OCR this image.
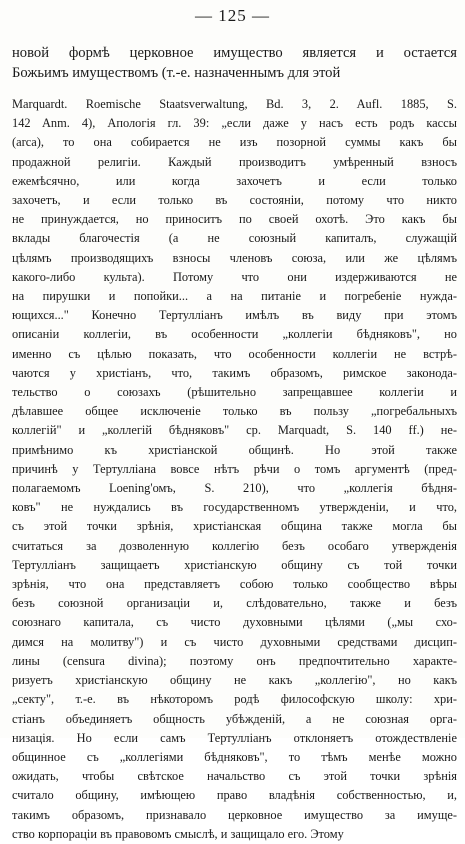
— 125 —
новой формѣ церковное имущество является и остается
Божьимъ имуществомъ (т.-е. назначеннымъ для этой
Marquardt. Roemische Staatsverwaltung, Bd. 3, 2. Aufl. 1885, S.
142 Anm. 4), Апологія гл. 39: „если даже у насъ есть родъ кассы
(arca), то она собирается не изъ позорной суммы какъ бы
продажной религіи. Каждый производитъ умѣренный взносъ
ежемѣсячно, или когда захочетъ и если только
захочетъ, и если только въ состояніи, потому что никто
не принуждается, но приноситъ по своей охотѣ. Это какъ бы
вклады благочестія (а не союзный капиталъ, служащій
цѣлямъ производящихъ взносы членовъ союза, или же цѣлямъ
какого-либо культа). Потому что они издерживаются не
на пирушки и попойки... а на питаніе и погребеніе нужда-
ющихся..." Конечно Тертулліанъ имѣлъ въ виду при этомъ
описаніи коллегіи, въ особенности „коллегіи бѣдняковъ", но
именно съ цѣлью показать, что особенности коллегіи не встрѣ-
чаются у христіанъ, что, такимъ образомъ, римское законода-
тельство о союзахъ (рѣшительно запрещавшее коллегіи и
дѣлавшее общее исключеніе только въ пользу „погребальныхъ
коллегій" и „коллегій бѣдняковъ" ср. Marquadt, S. 140 ff.) не-
примѣнимо къ христіанской общинѣ. Но этой также
причинѣ у Тертулліана вовсе нѣтъ рѣчи о томъ аргументѣ (пред-
полагаемомъ Loening'омъ, S. 210), что „коллегія бѣдня-
ковъ" не нуждались въ государственномъ утвержденіи, и что,
съ этой точки зрѣнія, христіанская община также могла бы
считаться за дозволенную коллегію безъ особаго утвержденія
Тертулліанъ защищаетъ христіанскую общину съ той точки
зрѣнія, что она представляетъ собою только сообщество вѣры
безъ союзной организаціи и, слѣдовательно, также и безъ
союзнаго капитала, съ чисто духовными цѣлями („мы схо-
димся на молитву") и съ чисто духовными средствами дисцип-
лины (censura divina); поэтому онъ предпочтительно характе-
ризуетъ христіанскую общину не какъ „коллегію", но какъ
„секту", т.-е. въ нѣкоторомъ родѣ философскую школу: хри-
стіанъ объединяетъ общность убѣжденій, а не союзная орга-
низація. Но если самъ Тертулліанъ отклоняетъ отождествленіе
общинное съ „коллегіями бѣдняковъ", то тѣмъ менѣе можно
ожидать, чтобы свѣтское начальство съ этой точки зрѣнія
считало общину, имѣющею право владѣнія собственностью, и,
такимъ образомъ, признавало церковное имущество за имуще-
ство корпораціи въ правовомъ смыслѣ, и защищало его. Этому
